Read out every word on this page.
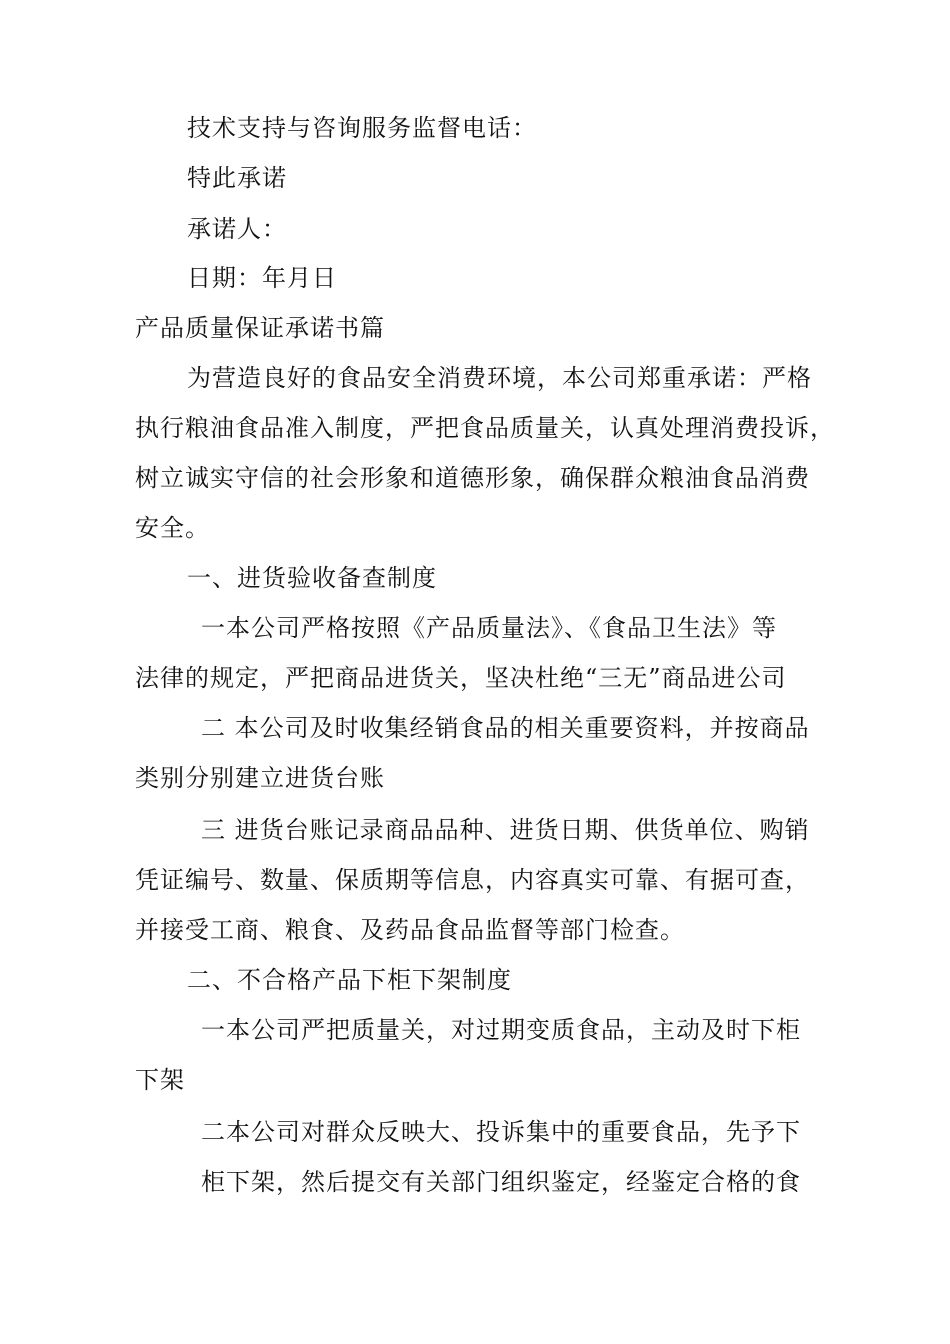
技术支持与咨询服务监督电话：
特此承诺
承诺人：
日期：年月日
产品质量保证承诺书篇
为营造良好的食品安全消费环境，本公司郑重承诺：严格
执行粮油食品准入制度，严把食品质量关，认真处理消费投诉，
树立诚实守信的社会形象和道德形象，确保群众粮油食品消费
安全。
一、进货验收备查制度
一本公司严格按照《产品质量法》、《食品卫生法》等
法律的规定，严把商品进货关，坚决杜绝“三无”商品进公司
二 本公司及时收集经销食品的相关重要资料，并按商品
类别分别建立进货台账
三 进货台账记录商品品种、进货日期、供货单位、购销
凭证编号、数量、保质期等信息，内容真实可靠、有据可查，
并接受工商、粮食、及药品食品监督等部门检查。
二、不合格产品下柜下架制度
一本公司严把质量关，对过期变质食品，主动及时下柜
下架
二本公司对群众反映大、投诉集中的重要食品，先予下
柜下架，然后提交有关部门组织鉴定，经鉴定合格的食
